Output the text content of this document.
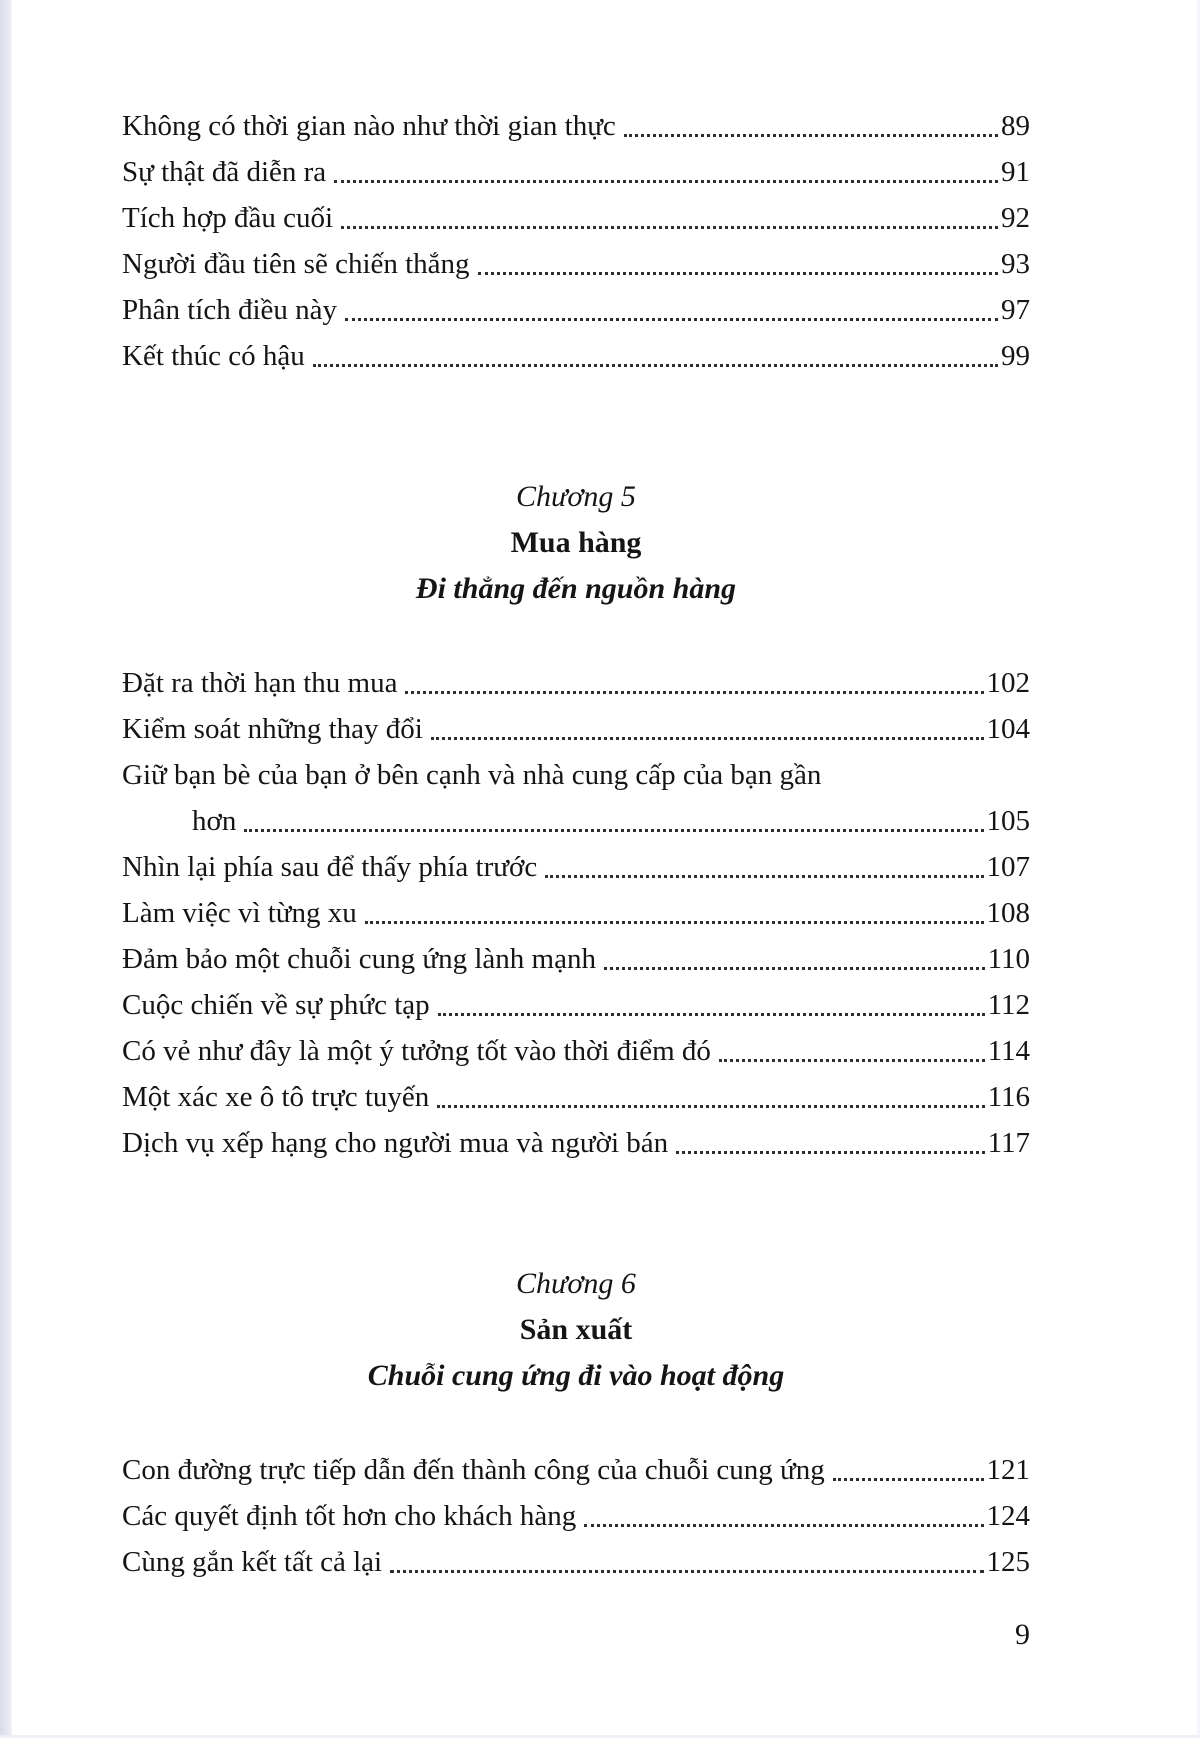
Không có thời gian nào như thời gian thực	89
Sự thật đã diễn ra	91
Tích hợp đầu cuối	92
Người đầu tiên sẽ chiến thắng	93
Phân tích điều này	97
Kết thúc có hậu	99
Chương 5
Mua hàng
Đi thẳng đến nguồn hàng
Đặt ra thời hạn thu mua	102
Kiểm soát những thay đổi	104
Giữ bạn bè của bạn ở bên cạnh và nhà cung cấp của bạn gần
hơn	105
Nhìn lại phía sau để thấy phía trước	107
Làm việc vì từng xu	108
Đảm bảo một chuỗi cung ứng lành mạnh	110
Cuộc chiến về sự phức tạp	112
Có vẻ như đây là một ý tưởng tốt vào thời điểm đó	114
Một xác xe ô tô trực tuyến	116
Dịch vụ xếp hạng cho người mua và người bán	117
Chương 6
Sản xuất
Chuỗi cung ứng đi vào hoạt động
Con đường trực tiếp dẫn đến thành công của chuỗi cung ứng	121
Các quyết định tốt hơn cho khách hàng	124
Cùng gắn kết tất cả lại	125
9
